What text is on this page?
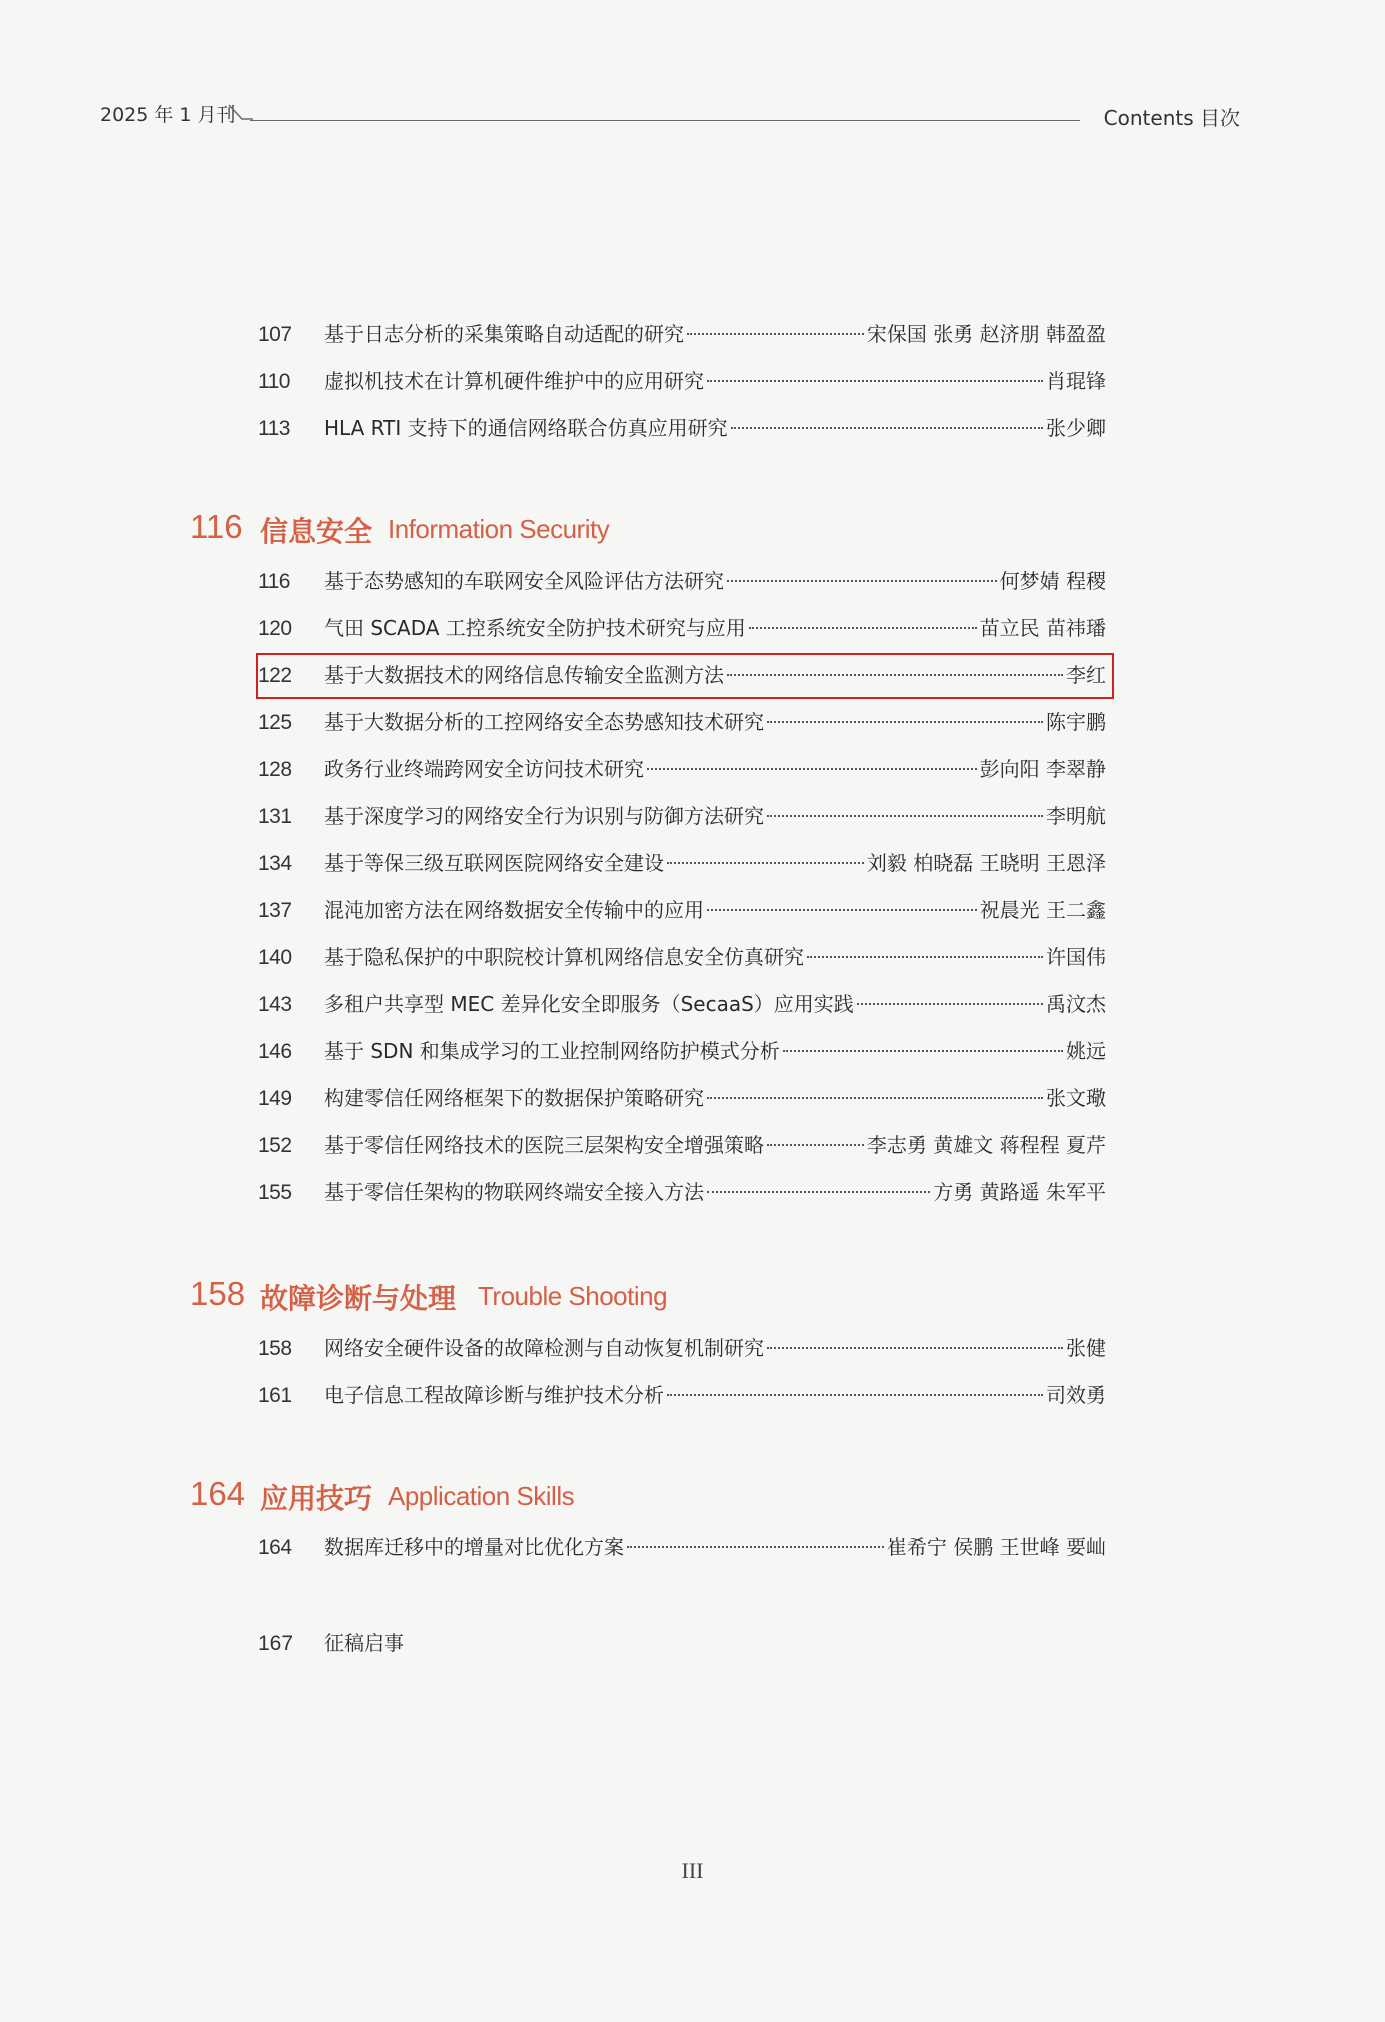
2025 年 1 月刊	Contents 目次
107	基于日志分析的采集策略自动适配的研究	宋保国 张勇 赵济朋 韩盈盈
110	虚拟机技术在计算机硬件维护中的应用研究	肖琨锋
113	HLA RTI 支持下的通信网络联合仿真应用研究	张少卿
116 信息安全 Information Security
116	基于态势感知的车联网安全风险评估方法研究	何梦婧 程稷
120	气田 SCADA 工控系统安全防护技术研究与应用	苗立民 苗祎璠
122	基于大数据技术的网络信息传输安全监测方法	李红
125	基于大数据分析的工控网络安全态势感知技术研究	陈宇鹏
128	政务行业终端跨网安全访问技术研究	彭向阳 李翠静
131	基于深度学习的网络安全行为识别与防御方法研究	李明航
134	基于等保三级互联网医院网络安全建设	刘毅 柏晓磊 王晓明 王恩泽
137	混沌加密方法在网络数据安全传输中的应用	祝晨光 王二鑫
140	基于隐私保护的中职院校计算机网络信息安全仿真研究	许国伟
143	多租户共享型 MEC 差异化安全即服务（SecaaS）应用实践	禹汶杰
146	基于 SDN 和集成学习的工业控制网络防护模式分析	姚远
149	构建零信任网络框架下的数据保护策略研究	张文璥
152	基于零信任网络技术的医院三层架构安全增强策略	李志勇 黄雄文 蒋程程 夏芹
155	基于零信任架构的物联网终端安全接入方法	方勇 黄路遥 朱军平
158 故障诊断与处理 Trouble Shooting
158	网络安全硬件设备的故障检测与自动恢复机制研究	张健
161	电子信息工程故障诊断与维护技术分析	司效勇
164 应用技巧 Application Skills
164	数据库迁移中的增量对比优化方案	崔希宁 侯鹏 王世峰 要屾
167	征稿启事
III
